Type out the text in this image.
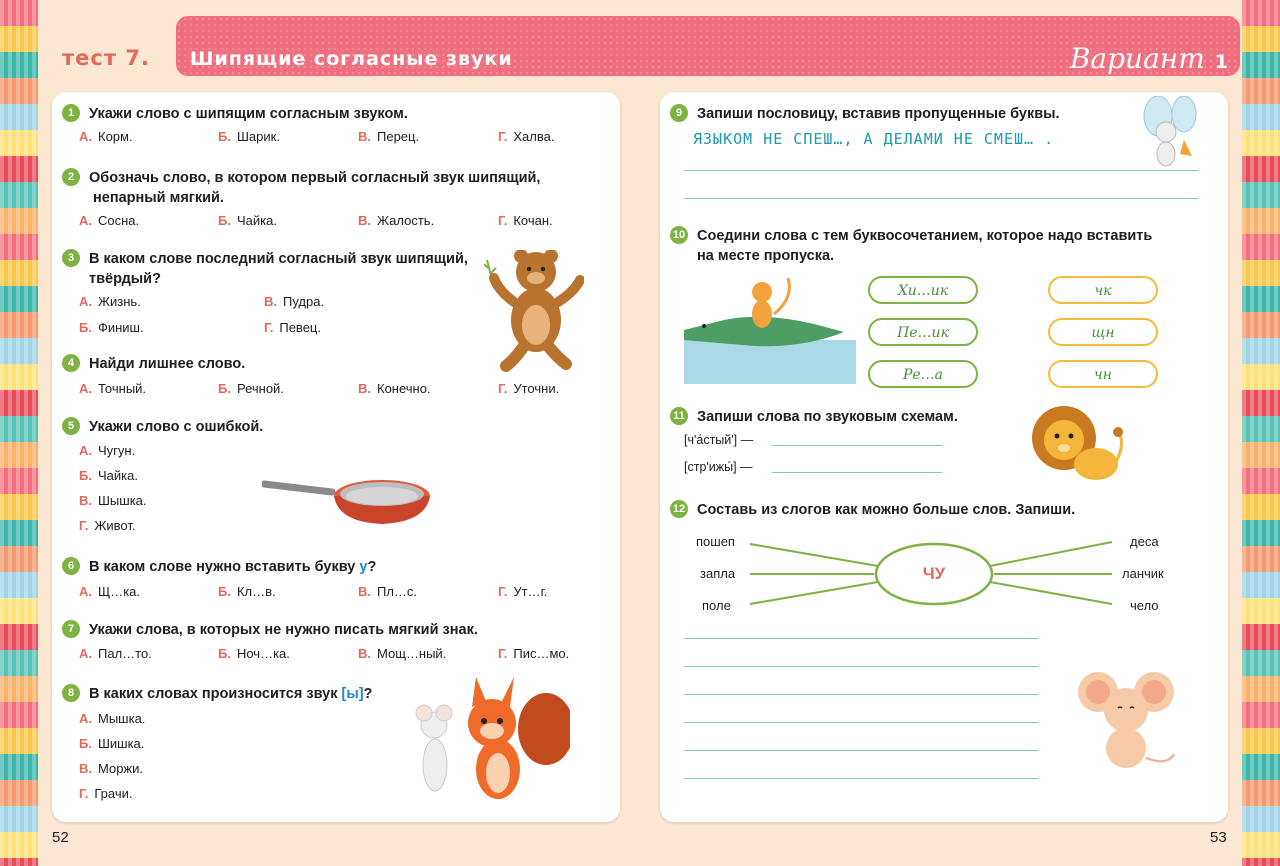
тест 7. Шипящие согласные звуки	Вариант 1
1	Укажи слово с шипящим согласным звуком.
А. Корм.	Б. Шарик.	В. Перец.	Г. Халва.
2	Обозначь слово, в котором первый согласный звук шипящий,
непарный мягкий.
А. Сосна.	Б. Чайка.	В. Жалость.	Г. Кочан.
3	В каком слове последний согласный звук шипящий,
твёрдый?
А. Жизнь.	В. Пудра.
Б. Финиш.	Г. Певец.
4	Найди лишнее слово.
А. Точный.	Б. Речной.	В. Конечно.	Г. Уточни.
5	Укажи слово с ошибкой.
А. Чугун.
Б. Чайка.
В. Шышка.
Г. Живот.
6	В каком слове нужно вставить букву у?
А. Щ…ка.	Б. Кл…в.	В. Пл…с.	Г. Ут…г.
7	Укажи слова, в которых не нужно писать мягкий знак.
А. Пал…то.	Б. Ноч…ка.	В. Мощ…ный.	Г. Пис…мо.
8	В каких словах произносится звук [ы]?
А. Мышка.
Б. Шишка.
В. Моржи.
Г. Грачи.
9	Запиши пословицу, вставив пропущенные буквы.
ЯЗЫКОМ НЕ СПЕШ…, А ДЕЛАМИ НЕ СМЕШ… .
10 Соедини слова с тем буквосочетанием, которое надо вставить
на месте пропуска.
Хи…ик
Пе…ик
Ре…а
чк
щн
чн
11 Запиши слова по звуковым схемам.
[ч'а́стый'] —
[стр'ижы́] —
12 Составь из слогов как можно больше слов. Запиши.
ЧУ
пошеп
запла
поле
деса
ланчик
чело
52	53
